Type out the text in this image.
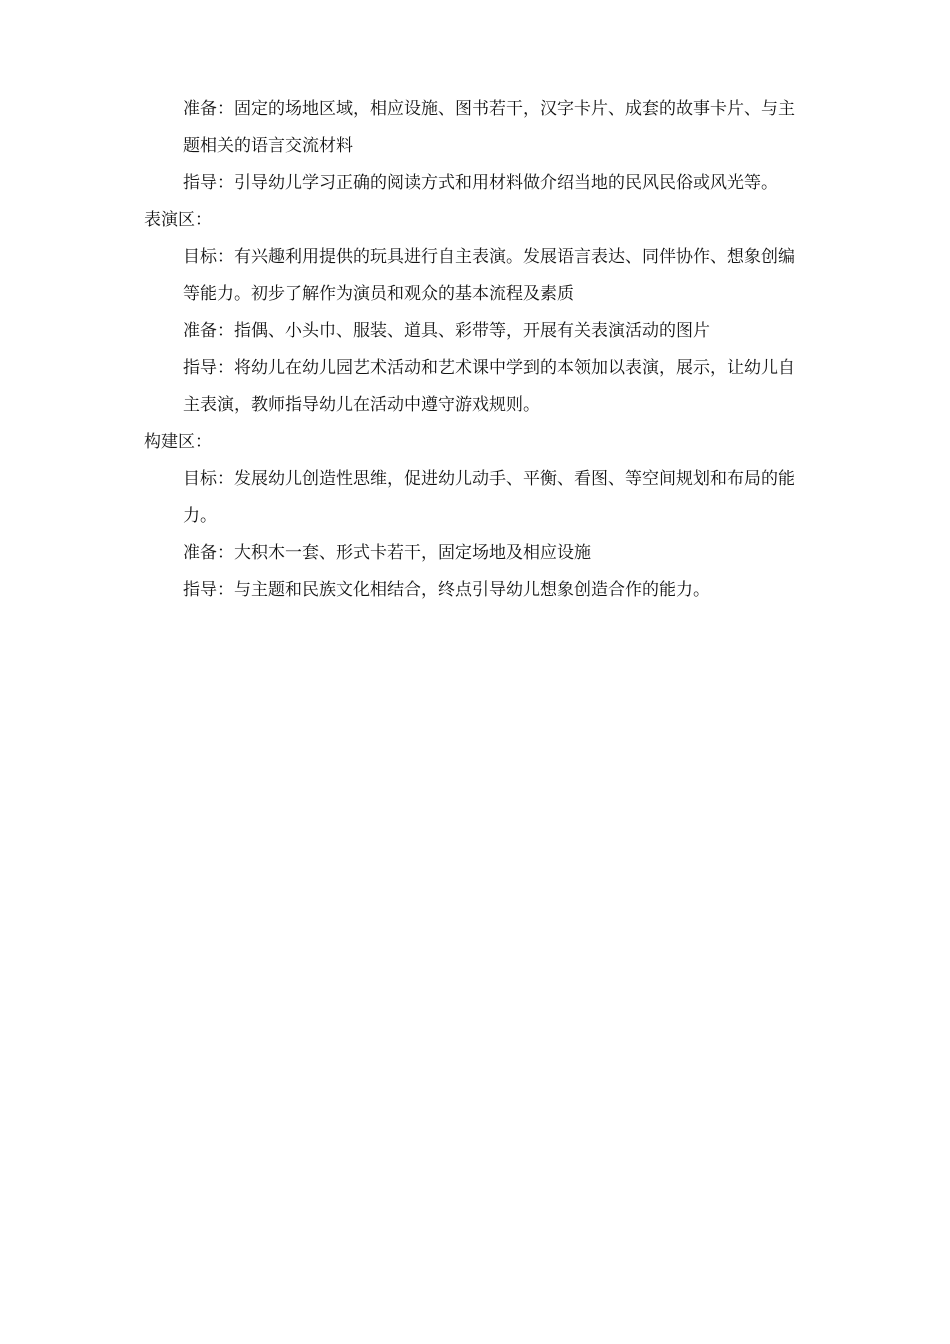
准备：固定的场地区域，相应设施、图书若干，汉字卡片、成套的故事卡片、与主题相关的语言交流材料

指导：引导幼儿学习正确的阅读方式和用材料做介绍当地的民风民俗或风光等。

表演区：

目标：有兴趣利用提供的玩具进行自主表演。发展语言表达、同伴协作、想象创编等能力。初步了解作为演员和观众的基本流程及素质

准备：指偶、小头巾、服装、道具、彩带等，开展有关表演活动的图片

指导：将幼儿在幼儿园艺术活动和艺术课中学到的本领加以表演，展示，让幼儿自主表演，教师指导幼儿在活动中遵守游戏规则。

构建区：

目标：发展幼儿创造性思维，促进幼儿动手、平衡、看图、等空间规划和布局的能力。

准备：大积木一套、形式卡若干，固定场地及相应设施

指导：与主题和民族文化相结合，终点引导幼儿想象创造合作的能力。
